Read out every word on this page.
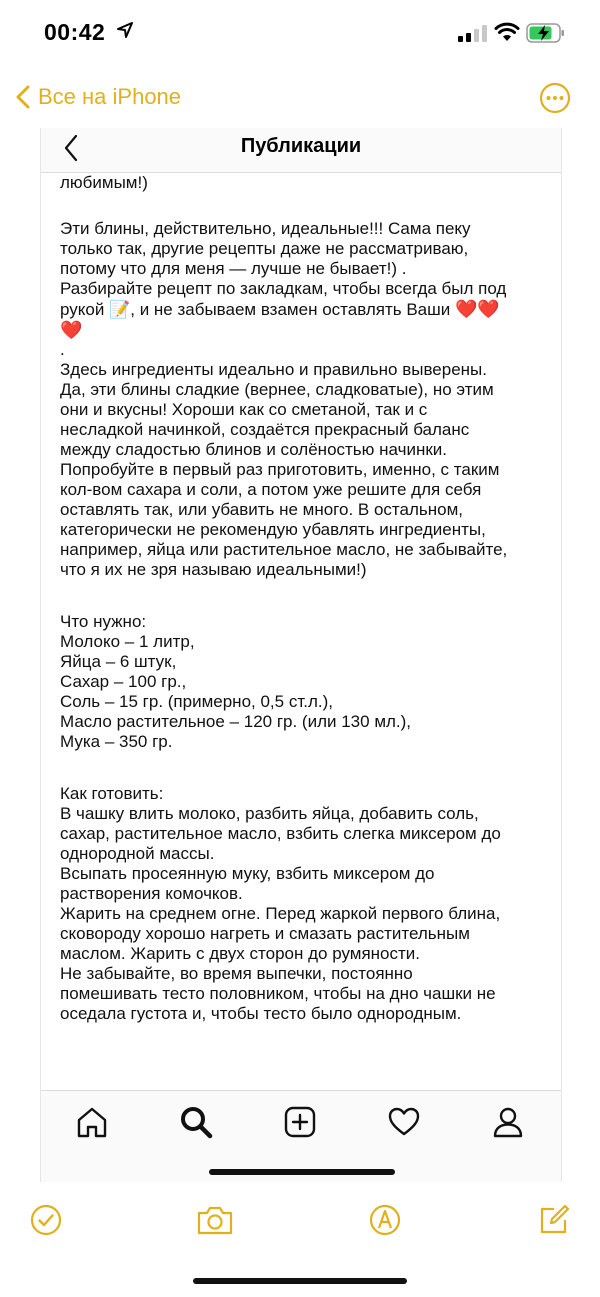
00:42
Все на iPhone
Публикации

любимым!)

Эти блины, действительно, идеальные!!! Сама пеку

только так, другие рецепты даже не рассматриваю,

потому что для меня — лучше не бывает!) .

Разбирайте рецепт по закладкам, чтобы всегда был под

рукой 📝, и не забываем взамен оставлять Ваши ❤️❤️

❤️

.

Здесь ингредиенты идеально и правильно выверены.

Да, эти блины сладкие (вернее, сладковатые), но этим

они и вкусны! Хороши как со сметаной, так и с

несладкой начинкой, создаётся прекрасный баланс

между сладостью блинов и солёностью начинки.

Попробуйте в первый раз приготовить, именно, с таким

кол-вом сахара и соли, а потом уже решите для себя

оставлять так, или убавить не много. В остальном,

категорически не рекомендую убавлять ингредиенты,

например, яйца или растительное масло, не забывайте,

что я их не зря называю идеальными!)

Что нужно:

Молоко – 1 литр,

Яйца – 6 штук,

Сахар – 100 гр.,

Соль – 15 гр. (примерно, 0,5 ст.л.),

Масло растительное – 120 гр. (или 130 мл.),

Мука – 350 гр.

Как готовить:

В чашку влить молоко, разбить яйца, добавить соль,

сахар, растительное масло, взбить слегка миксером до

однородной массы.

Всыпать просеянную муку, взбить миксером до

растворения комочков.

Жарить на среднем огне. Перед жаркой первого блина,

сковороду хорошо нагреть и смазать растительным

маслом. Жарить с двух сторон до румяности.

Не забывайте, во время выпечки, постоянно

помешивать тесто половником, чтобы на дно чашки не

оседала густота и, чтобы тесто было однородным.
